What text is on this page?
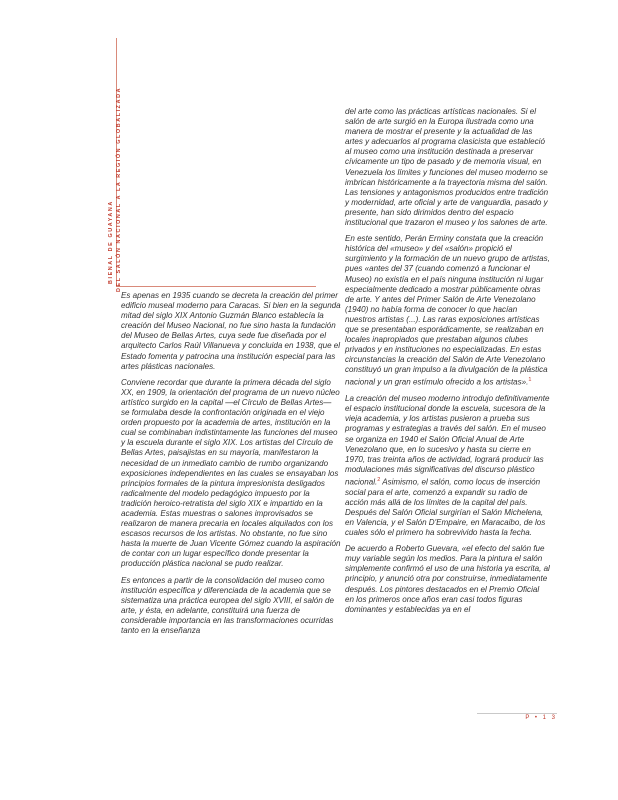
BIENAL DE GUAYANA DEL SALÓN NACIONAL A LA REGIÓN GLOBALIZADA

Es apenas en 1935 cuando se decreta la creación del primer edificio museal moderno para Caracas. Si bien en la segunda mitad del siglo XIX Antonio Guzmán Blanco establecía la creación del Museo Nacional, no fue sino hasta la fundación del Museo de Bellas Artes, cuya sede fue diseñada por el arquitecto Carlos Raúl Villanueva y concluida en 1938, que el Estado fomenta y patrocina una institución especial para las artes plásticas nacionales.

Conviene recordar que durante la primera década del siglo XX, en 1909, la orientación del programa de un nuevo núcleo artístico surgido en la capital —el Círculo de Bellas Artes— se formulaba desde la confrontación originada en el viejo orden propuesto por la academia de artes, institución en la cual se combinaban indistintamente las funciones del museo y la escuela durante el siglo XIX. Los artistas del Círculo de Bellas Artes, paisajistas en su mayoría, manifestaron la necesidad de un inmediato cambio de rumbo organizando exposiciones independientes en las cuales se ensayaban los principios formales de la pintura impresionista desligados radicalmente del modelo pedagógico impuesto por la tradición heroico-retratista del siglo XIX e impartido en la academia. Estas muestras o salones improvisados se realizaron de manera precaria en locales alquilados con los escasos recursos de los artistas. No obstante, no fue sino hasta la muerte de Juan Vicente Gómez cuando la aspiración de contar con un lugar específico donde presentar la producción plástica nacional se pudo realizar.

Es entonces a partir de la consolidación del museo como institución específica y diferenciada de la academia que se sistematiza una práctica europea del siglo XVIII, el salón de arte, y ésta, en adelante, constituirá una fuerza de considerable importancia en las transformaciones ocurridas tanto en la enseñanza

del arte como las prácticas artísticas nacionales. Si el salón de arte surgió en la Europa ilustrada como una manera de mostrar el presente y la actualidad de las artes y adecuarlos al programa clasicista que estableció al museo como una institución destinada a preservar cívicamente un tipo de pasado y de memoria visual, en Venezuela los límites y funciones del museo moderno se imbrican históricamente a la trayectoria misma del salón. Las tensiones y antagonismos producidos entre tradición y modernidad, arte oficial y arte de vanguardia, pasado y presente, han sido dirimidos dentro del espacio institucional que trazaron el museo y los salones de arte.

En este sentido, Perán Erminy constata que la creación histórica del «museo» y del «salón» propició el surgimiento y la formación de un nuevo grupo de artistas, pues «antes del 37 (cuando comenzó a funcionar el Museo) no existía en el país ninguna institución ni lugar especialmente dedicado a mostrar públicamente obras de arte. Y antes del Primer Salón de Arte Venezolano (1940) no había forma de conocer lo que hacían nuestros artistas (...). Las raras exposiciones artísticas que se presentaban esporádicamente, se realizaban en locales inapropiados que prestaban algunos clubes privados y en instituciones no especializadas. En estas circunstancias la creación del Salón de Arte Venezolano constituyó un gran impulso a la divulgación de la plástica nacional y un gran estímulo ofrecido a los artistas».$^1$

La creación del museo moderno introdujo definitivamente el espacio institucional donde la escuela, sucesora de la vieja academia, y los artistas pusieron a prueba sus programas y estrategias a través del salón. En el museo se organiza en 1940 el Salón Oficial Anual de Arte Venezolano que, en lo sucesivo y hasta su cierre en 1970, tras treinta años de actividad, logrará producir las modulaciones más significativas del discurso plástico nacional.$^2$ Asimismo, el salón, como locus de inserción social para el arte, comenzó a expandir su radio de acción más allá de los límites de la capital del país. Después del Salón Oficial surgirían el Salón Michelena, en Valencia, y el Salón D'Empaire, en Maracaibo, de los cuales sólo el primero ha sobrevivido hasta la fecha.

De acuerdo a Roberto Guevara, «el efecto del salón fue muy variable según los medios. Para la pintura el salón simplemente confirmó el uso de una historia ya escrita, al principio, y anunció otra por construirse, inmediatamente después. Los pintores destacados en el Premio Oficial en los primeros once años eran casi todos figuras dominantes y establecidas ya en el

P • 1 3
